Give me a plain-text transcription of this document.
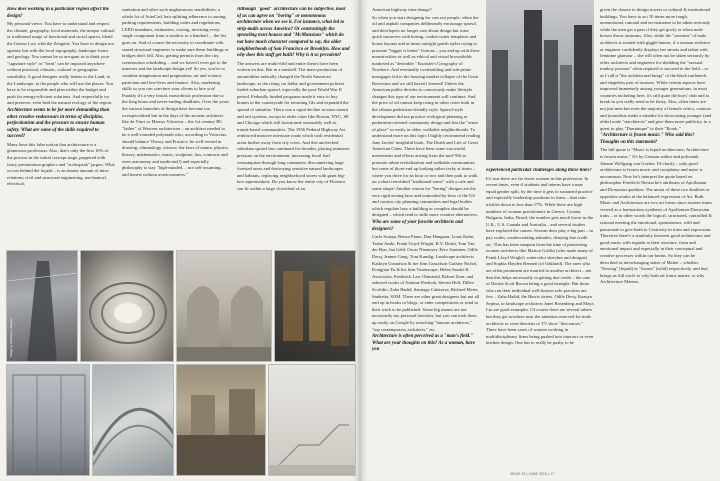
How does working in a particular region affect the design?

My personal views: You have to understand and respect the climate, geography, local materials, the unique cultural or traditional usage of functional and social spaces, blend the Genius Loci with the Zeitgeist. You have to design not against, but with the local topography, landscape forms and geology. You cannot be so arrogant as to think your "signature style" or "form" can be imposed anywhere without practical, climatic, cultural or geographic sensibility. A good designer really listens to the Land, to the Landscape, to the people who will use the places. You have to be responsible and plan within the budget and push for energy-efficient solutions. And respectfully try and preserve, even heal the natural ecology of the region.

Architecture seems to be far more demanding than other creative endeavours in terms of discipline, perfectionism and the pressure to ensure human safety. What are some of the skills required to succeed?

Many have this false notion that architecture is a glamorous profession. Also, that's only the first 10% of the process in the initial concept stage, peppered with fancy presentation graphics and "archispeak" jargon. What occurs behind the façade – is an insane amount of intra-relations; civil and structural engineering, mechanical, electrical,

sanitation and other such unglamorous sensibilities, a whole lot of AutoCad, hair splitting adherence to zoning, parking requirements, building codes and regulations, LEED mandates, estimation, costing, investing every single component from a window to a handrail… the list goes on. And of course the necessity to coordinate with sound structural engineers to make sure these buildings or bridges don't fall. Also, getting permits from the city, construction scheduling… and we haven't even got to the interiors and the landscape design yet! So yes, you've to combine imagination and pragmatism, art and science; patricians and low-lives and finance. Also, marketing skills so you can convince your clients to hire you! Frankly it's a very brutal, masochistic profession due to the long hours and never-ending deadlines. Over the years the various branches of design have become too overspecialised but in the days of the ancient architects like da Vinci or Marcus Vitruvius – the 1st century BC "father" of Western architecture – an architect needed to be a well-rounded polymath who, according to Vitruvius, should balance Theory and Practice, be well-versed in drawing, climatology, science, the laws of nature, physics, history, mathematics, music, sculpture, law, contracts and even astronomy and medicine(!) and especially philosophy to stay "high-minded… not self-assuming… and honest without avariciousness."

Although "good" architecture can be subjective, most of us can agree on "boring" or monotonous architecture when we see it. For instance, what led to strip-malls across America? Or contrastingly the sprawling tract houses and "McMansions" which do not have much character compared to say, the older neighborhoods of San Francisco or Brooklyn. How and why does this stuff get built? Why is it so prevalent?

The answers are multi-fold and entire theses have been written on this. But in a nutshell: The mass-production of automobiles radically changed the North American landscape, as the rising car lobby and government policies fueled suburban sprawl, especially the post-World War II period. Federally funded programs made it easy to buy homes in the countryside for returning GIs and expanded the spread of suburbia. There was a rapid decline in mass transit and rail systems, except in older cities like Boston, NYC, SF and Chicago which still functioned reasonably well as transit-based communities. The 1956 Federal Highway Act reinforced massive interstate roads which took residential areas further away from city cores. And this unchecked suburban sprawl has continued for decades, placing immense pressure on the environment, increasing fossil fuel consumption through long commutes; disconnecting large forested areas and destroying sensitive natural landscapes and habitats, replacing neighborhood stores with giant big-box supermarkets. Do you know the entire city of Florence can fit within a large cloverleaf of an

Image by Skidmore's Rayner

American highway interchange?

So when you start designing for cars not people, when the oil and asphalt companies deliberately encourage sprawl, and developers no longer care about design but want quick turnovers with boring, cookie-cutter templates and house layouts and at times outright garish styles trying to promote "bigger is better" fictions – you end up with these monstrosities as well as ethical and visual brownfields marketed as "desirable." Kunstler's Geography of Nowhere. And eventually overbuilding and sub-prime mortgages led to the housing market collapse of the Great Recession and we still haven't learned! Unless the American public decides to consciously make lifestyle changes this type of our environment will continue. And the price of oil cannot keep rising in other cities built in the vibrant pedestrian-friendly style. Sprawl-style development did not practice ecological planning or pedestrian-oriented community design and lost the "sense of place" so easily in older, walkable neighborhoods. To understand more on this topic I highly recommend reading Jane Jacobs' insightful book, The Death and Life of Great American Cities. There have been some successful movements and efforts arising from the mid-'90s to promote urban revitalization and walkable communities but some of those end up looking rather tacky at times – where you drive for an hour or two and then park to walk on a short retrofitted "traditional street" with a cafe and some shops! Another reason for "boring" designs are the very rigid zoning laws and outmoded by-laws of the US and various city planning committees and legal bodies which regulate how a building or complex should be designed – which tend to stifle more creative alternatives.

Who are some of your favorite architects and designers?

Carlo Scarpa, Renzo Piano, Dan Hanganu, Louis Kahn, Tadao Ando, Frank Lloyd Wright, B.V. Doshi, Tom Van der Ryn, Jan Gehl, Oscar Niemeyer, Eero Saarinen, Odile Decq, Jeanne Gang, Tom Kundig; Landscape architects Kathryn Gustafson & her firm Gustafson Guthrie Nichol, Kongjian Yu & his firm Turenscape, Helen Sasaki & Associates, Frederick Law Olmstead, Robert Zion; and selected works of Antoine Predock, Steven Holl, Diller-Scofidio, Zaha Hadid, Santiago Calatrava, Richard Meier, Snøhetta, SOM. There are other great designers but not all end up in books or blogs, or enter competitions or send in their work to be published. Some big names are not necessarily my personal favorites, but you can look them up easily on Google by searching "famous architects," "top contemporary architects," etc.

Architecture is often perceived as a "man's field." What are your thoughts on this? As a woman, have you

experienced particular challenges along these lines?

It's true there are far fewer women in this profession. In recent times, even if students and interns have a near equal gender split, by the time it gets to sustained practice and especially leadership positions in firms – that ratio trickles down to less than 17%. While there are high numbers of woman practitioners in Greece, Croatia, Bulgaria, India, Brazil, the number gets much lower in the U.K., U.S. Canada and Australia – and several studies have explored the causes. Sexism does play a big part – in pay scales, condescending attitudes, denying due credit etc. This has been rampant from the time of pioneering women architects like Marion Griffin (who made many of Frank Lloyd Wright's watercolor sketches and designs) and Sophia Hayden Bennett (of Oakland). The ones who are often prominent are married to another architect – not that this helps necessarily in getting due credit – the case of Denise Scott Brown being a good example. But those who run their individual well-known solo practices are few – Zaha Hadid, the Harris sisters, Odile Decq, Kazuyo Sejima, or landscape architects Janet Rosenberg and Maya Lin are good examples. Of course there are several others but they get nowhere near the attention reserved for male architects or even theorists or TV show "decorators." There have been cases of women working in multidisciplinary firms being pushed into interiors or even kitchen design. One has to really be pushy to be

given the chance to design towers or cultural & institutional buildings. You have to act 10 times more tough, unemotional, rational and no-nonsense to be taken seriously while the men get a pass if they get goofy or when male bosses throw tantrums. Also, while the "sexiness" of male architects is treated with giggle humor, if a woman architect or engineer confidently displays her smarts and talent with feminine glamour – she will often not be taken seriously by other architects and engineers for shedding the "asexual tomboy persona" often required to succeed in the field – or as I call it "the architectural burqa" of the black turtleneck and shapeless pair of trousers. While certain aspects have improved immensely among younger generations, in most countries including here, it's still quite the boys' club and to break in you really need to be fiesty. Also, often times are not just men but even the majority of female critics, curators and journalists make a mistake for showcasing younger (and older) male "starchitects" and give them more publicity, in a quest to play "Dominique" to their "Roark."

"Architecture is frozen music." Who said this? Thoughts on this statement?

The full quote is "Music is liquid architecture; Architecture is frozen music." It's by German author and polymath Johann Wolfgang von Goethe. I'd clarify – only good architecture is frozen music and cacophony and noise is uncommon. Now let's interpret the quote based on philosopher Friedrich Nietzsche's attributes of Apollonian and Dionysian qualities. The union of these two dualities or opposites results in the balanced expression of Art. Both Music and Architecture are two art forms since ancient times viewed as a harmonious synthesis of Apollonian-Dionysian traits – or in other words the logical, structured, controlled & rational meeting the emotional, spontaneous, wild and passionate to give birth to Creativity in form and expression. Therefore there's a similarity between good architecture and good music with regards to their structure, form and emotional impact and especially in their conceptual and creative processes within our brains. So they can be described as interchanging states of Matter – whether "flowing" (liquid) or "frozen" (solid) respectively, and that brings us full circle to why both art forms matter, or why Architecture Matters.

ISSUE 25 | JUNE 2015 | 17
